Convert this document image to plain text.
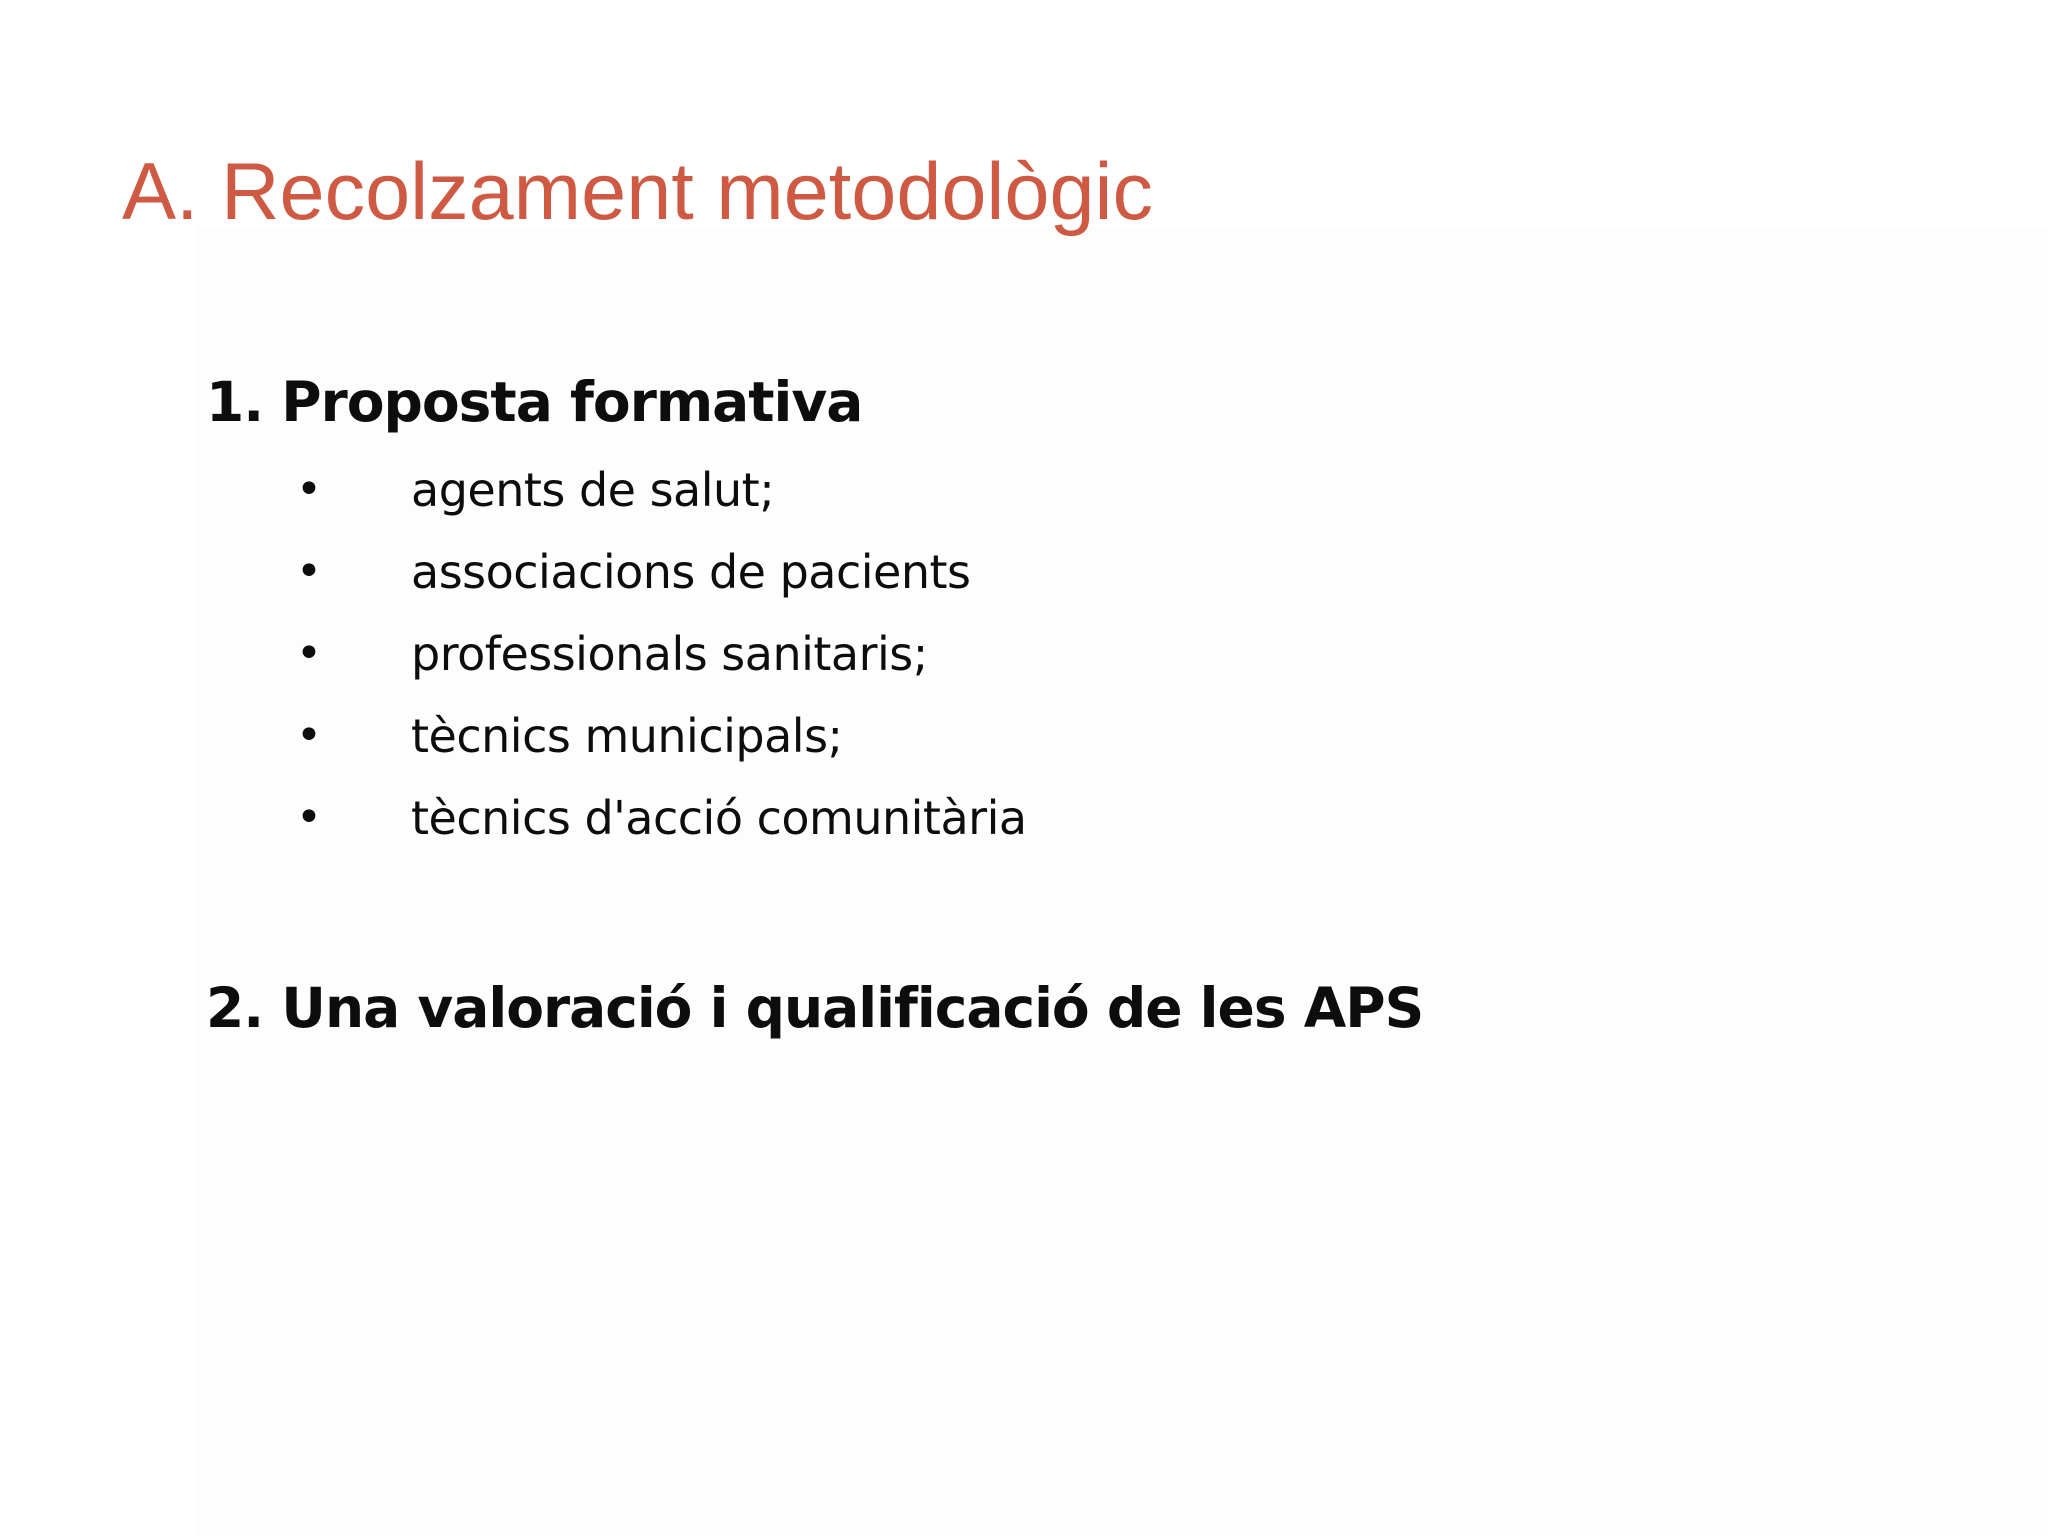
A. Recolzament metodològic
1. Proposta formativa
• agents de salut;
• associacions de pacients
• professionals sanitaris;
• tècnics municipals;
• tècnics d'acció comunitària
2. Una valoració i qualificació de les APS
